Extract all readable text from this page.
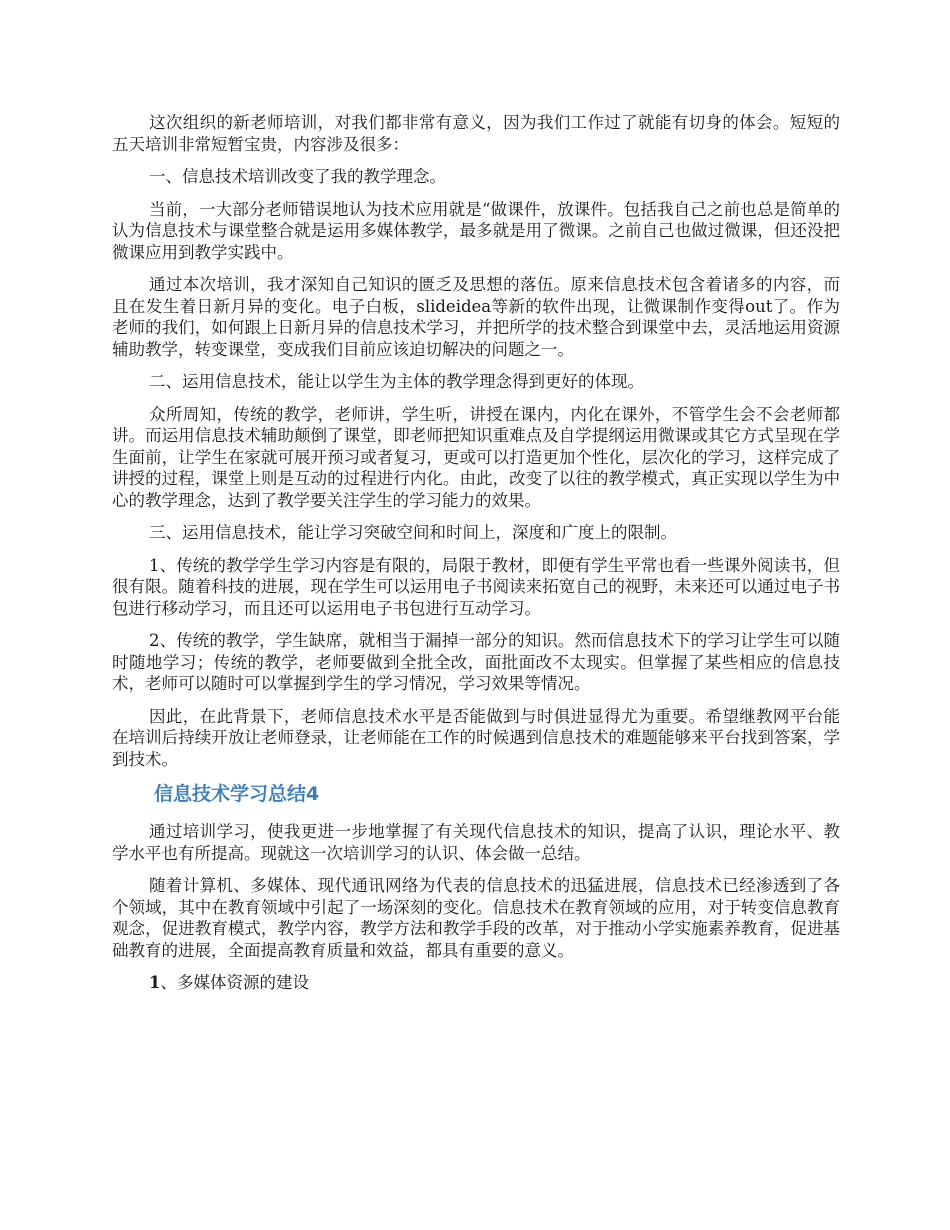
这次组织的新老师培训，对我们都非常有意义，因为我们工作过了就能有切身的体会。短短的五天培训非常短暂宝贵，内容涉及很多：

一、信息技术培训改变了我的教学理念。

当前，一大部分老师错误地认为技术应用就是“做课件，放课件。包括我自己之前也总是简单的认为信息技术与课堂整合就是运用多媒体教学，最多就是用了微课。之前自己也做过微课，但还没把微课应用到教学实践中。

通过本次培训，我才深知自己知识的匮乏及思想的落伍。原来信息技术包含着诸多的内容，而且在发生着日新月异的变化。电子白板，slideidea等新的软件出现，让微课制作变得out了。作为老师的我们，如何跟上日新月异的信息技术学习，并把所学的技术整合到课堂中去，灵活地运用资源辅助教学，转变课堂，变成我们目前应该迫切解决的问题之一。

二、运用信息技术，能让以学生为主体的教学理念得到更好的体现。

众所周知，传统的教学，老师讲，学生听，讲授在课内，内化在课外，不管学生会不会老师都讲。而运用信息技术辅助颠倒了课堂，即老师把知识重难点及自学提纲运用微课或其它方式呈现在学生面前，让学生在家就可展开预习或者复习，更或可以打造更加个性化，层次化的学习，这样完成了讲授的过程，课堂上则是互动的过程进行内化。由此，改变了以往的教学模式，真正实现以学生为中心的教学理念，达到了教学要关注学生的学习能力的效果。

三、运用信息技术，能让学习突破空间和时间上，深度和广度上的限制。

1、传统的教学学生学习内容是有限的，局限于教材，即便有学生平常也看一些课外阅读书，但很有限。随着科技的进展，现在学生可以运用电子书阅读来拓宽自己的视野，未来还可以通过电子书包进行移动学习，而且还可以运用电子书包进行互动学习。

2、传统的教学，学生缺席，就相当于漏掉一部分的知识。然而信息技术下的学习让学生可以随时随地学习；传统的教学，老师要做到全批全改，面批面改不太现实。但掌握了某些相应的信息技术，老师可以随时可以掌握到学生的学习情况，学习效果等情况。

因此，在此背景下，老师信息技术水平是否能做到与时俱进显得尤为重要。希望继教网平台能在培训后持续开放让老师登录，让老师能在工作的时候遇到信息技术的难题能够来平台找到答案，学到技术。

信息技术学习总结4

通过培训学习，使我更进一步地掌握了有关现代信息技术的知识，提高了认识，理论水平、教学水平也有所提高。现就这一次培训学习的认识、体会做一总结。

随着计算机、多媒体、现代通讯网络为代表的信息技术的迅猛进展，信息技术已经渗透到了各个领域，其中在教育领域中引起了一场深刻的变化。信息技术在教育领域的应用，对于转变信息教育观念，促进教育模式，教学内容，教学方法和教学手段的改革，对于推动小学实施素养教育，促进基础教育的进展，全面提高教育质量和效益，都具有重要的意义。

1、多媒体资源的建设
